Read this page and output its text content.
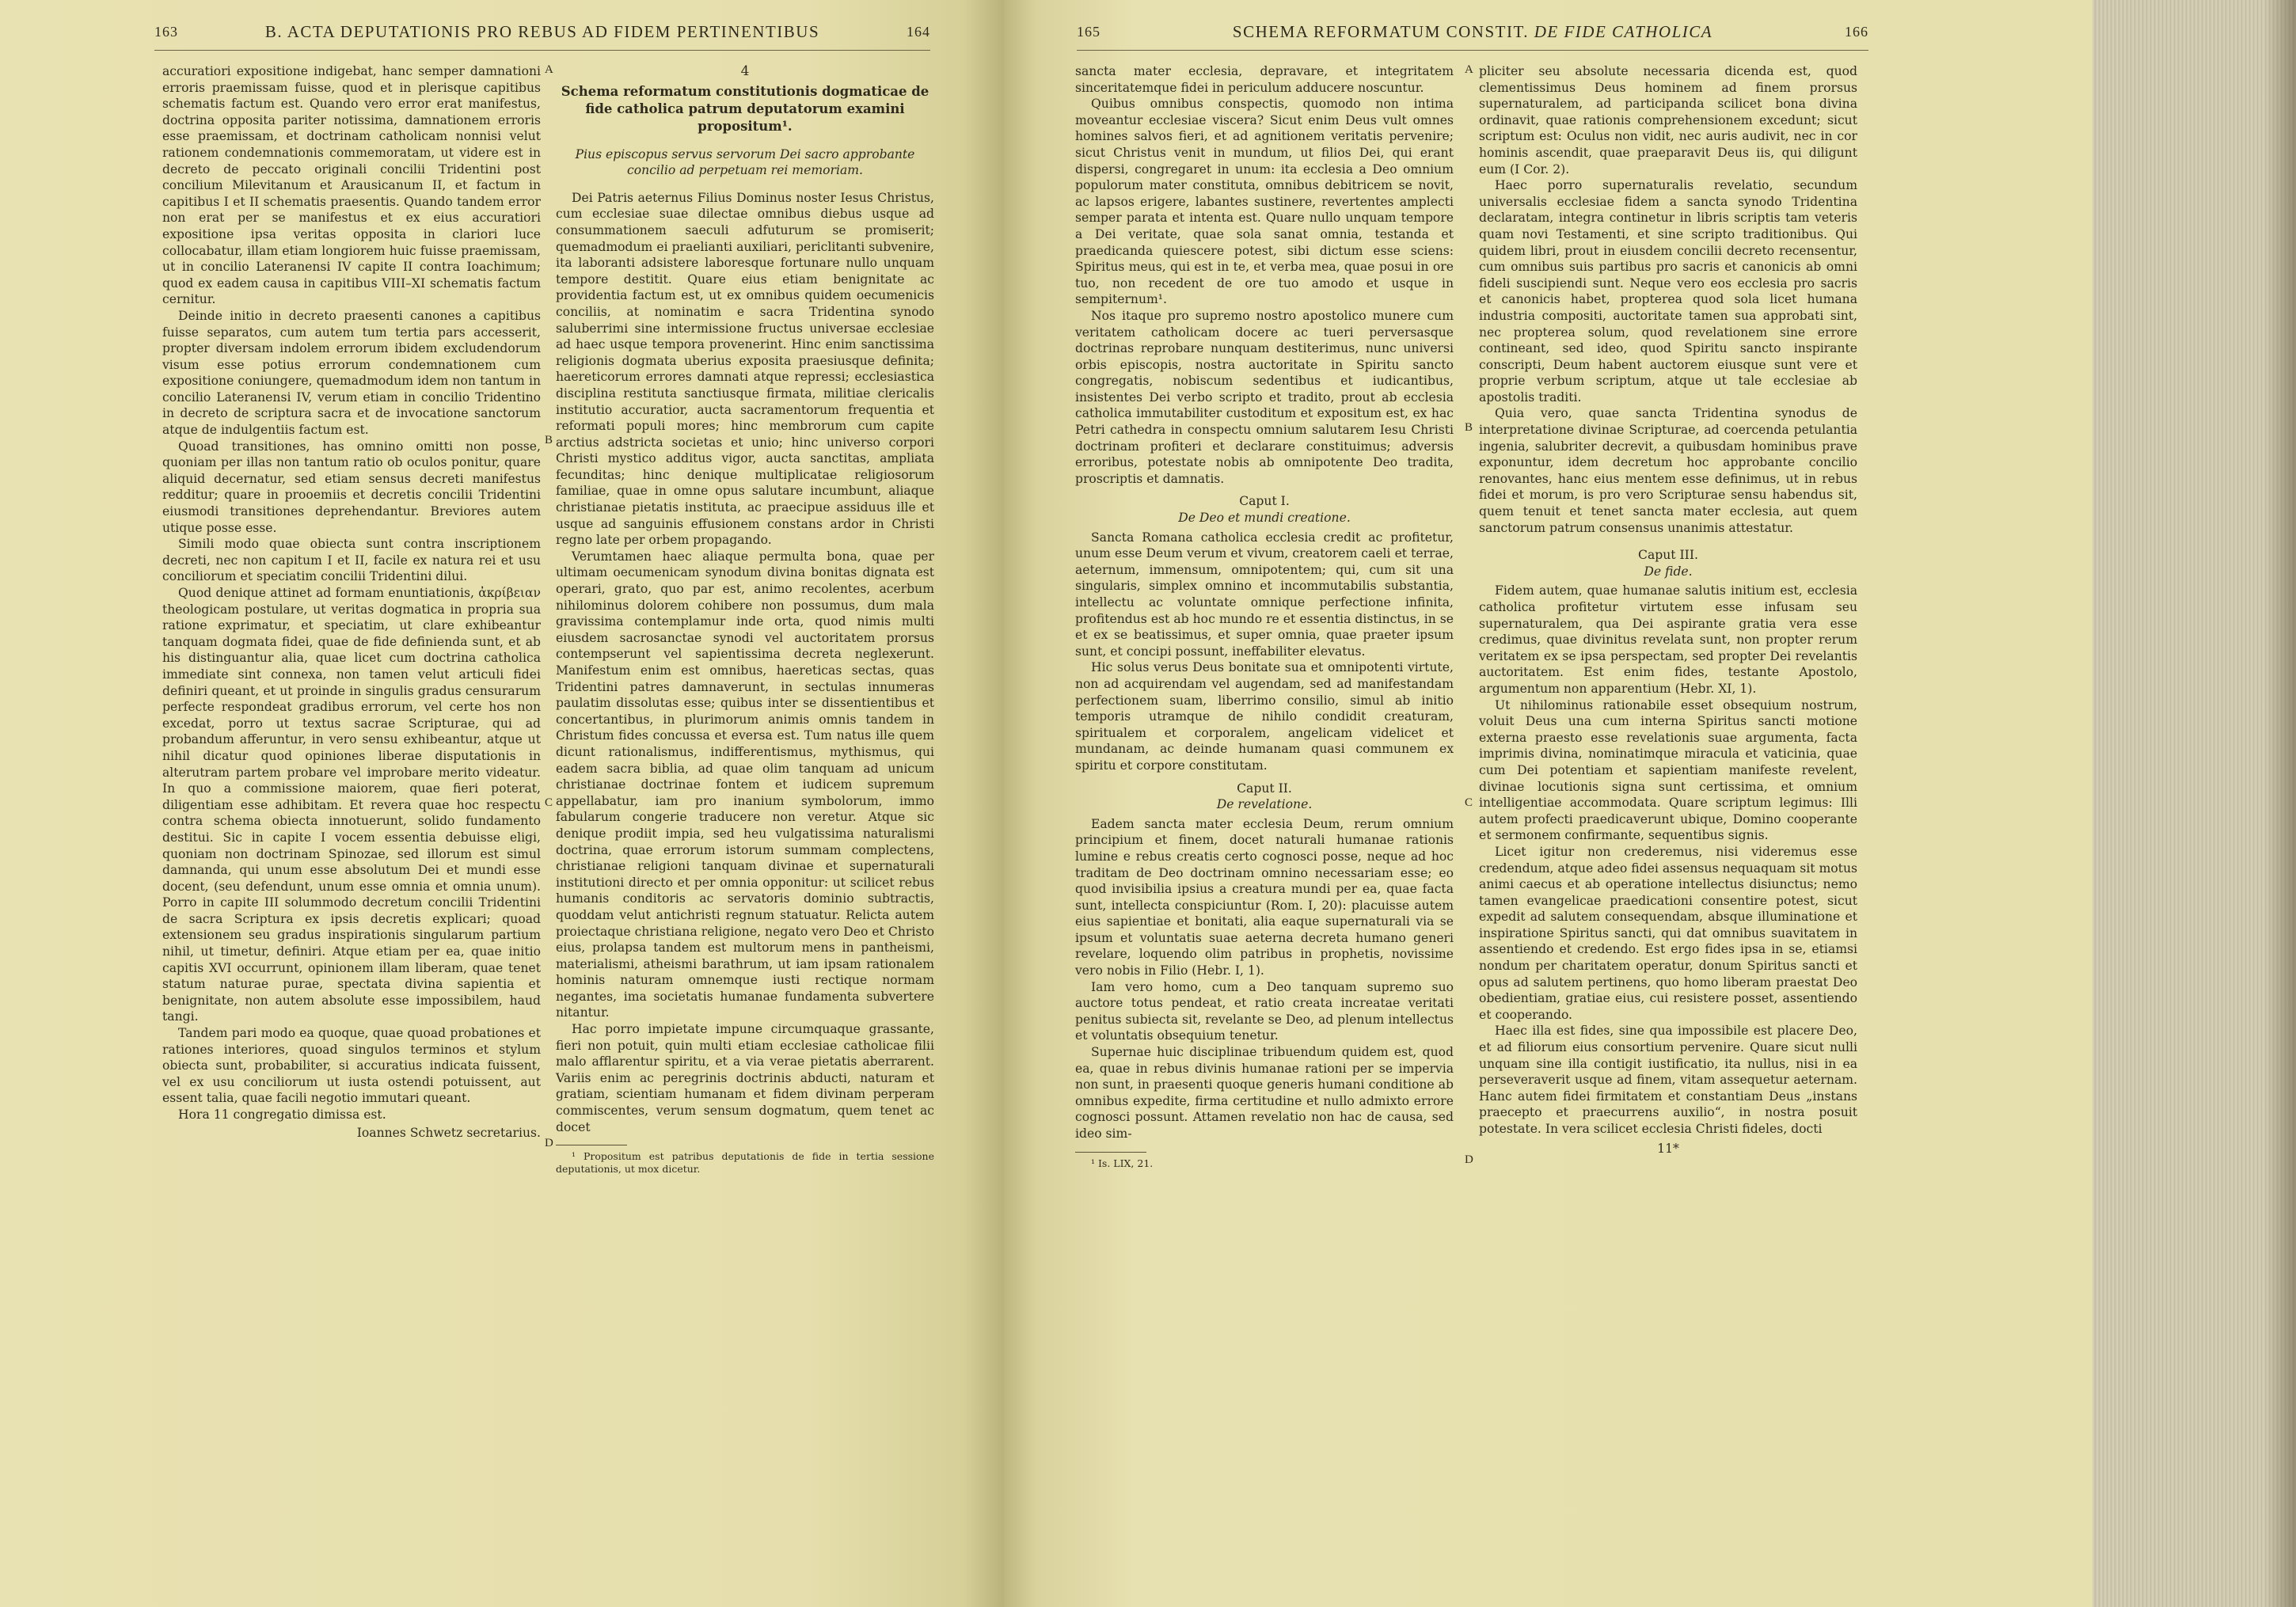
163	B. ACTA DEPUTATIONIS PRO REBUS AD FIDEM PERTINENTIBUS	164

accuratiori expositione indigebat, hanc semper damnationi erroris praemissam fuisse, quod et in plerisque capitibus schematis factum est. Quando vero error erat manifestus, doctrina opposita pariter notissima, damnationem erroris esse praemissam, et doctrinam catholicam nonnisi velut rationem condemnationis commemoratam, ut videre est in decreto de peccato originali concilii Tridentini post concilium Milevitanum et Arausicanum II, et factum in capitibus I et II schematis praesentis. Quando tandem error non erat per se manifestus et ex eius accuratiori expositione ipsa veritas opposita in clariori luce collocabatur, illam etiam longiorem huic fuisse praemissam, ut in concilio Lateranensi IV capite II contra Ioachimum; quod ex eadem causa in capitibus VIII–XI schematis factum cernitur.

Deinde initio in decreto praesenti canones a capitibus fuisse separatos, cum autem tum tertia pars accesserit, propter diversam indolem errorum ibidem excludendorum visum esse potius errorum condemnationem cum expositione coniungere, quemadmodum idem non tantum in concilio Lateranensi IV, verum etiam in concilio Tridentino in decreto de scriptura sacra et de invocatione sanctorum atque de indulgentiis factum est.

Quoad transitiones, has omnino omitti non posse, quoniam per illas non tantum ratio ob oculos ponitur, quare aliquid decernatur, sed etiam sensus decreti manifestus redditur; quare in prooemiis et decretis concilii Tridentini eiusmodi transitiones deprehendantur. Breviores autem utique posse esse.

Simili modo quae obiecta sunt contra inscriptionem decreti, nec non capitum I et II, facile ex natura rei et usu conciliorum et speciatim concilii Tridentini dilui.

Quod denique attinet ad formam enuntiationis, ἀκρίβειαν theologicam postulare, ut veritas dogmatica in propria sua ratione exprimatur, et speciatim, ut clare exhibeantur tanquam dogmata fidei, quae de fide definienda sunt, et ab his distinguantur alia, quae licet cum doctrina catholica immediate sint connexa, non tamen velut articuli fidei definiri queant, et ut proinde in singulis gradus censurarum perfecte respondeat gradibus errorum, vel certe hos non excedat, porro ut textus sacrae Scripturae, qui ad probandum afferuntur, in vero sensu exhibeantur, atque ut nihil dicatur quod opiniones liberae disputationis in alterutram partem probare vel improbare merito videatur. In quo a commissione maiorem, quae fieri poterat, diligentiam esse adhibitam. Et revera quae hoc respectu contra schema obiecta innotuerunt, solido fundamento destitui. Sic in capite I vocem essentia debuisse eligi, quoniam non doctrinam Spinozae, sed illorum est simul damnanda, qui unum esse absolutum Dei et mundi esse docent, (seu defendunt, unum esse omnia et omnia unum). Porro in capite III solummodo decretum concilii Tridentini de sacra Scriptura ex ipsis decretis explicari; quoad extensionem seu gradus inspirationis singularum partium nihil, ut timetur, definiri. Atque etiam per ea, quae initio capitis XVI occurrunt, opinionem illam liberam, quae tenet statum naturae purae, spectata divina sapientia et benignitate, non autem absolute esse impossibilem, haud tangi.

Tandem pari modo ea quoque, quae quoad probationes et rationes interiores, quoad singulos terminos et stylum obiecta sunt, probabiliter, si accuratius indicata fuissent, vel ex usu conciliorum ut iusta ostendi potuissent, aut essent talia, quae facili negotio immutari queant.

Hora 11 congregatio dimissa est.

Ioannes Schwetz secretarius.

A
B
C
D
4
Schema reformatum constitutionis dogmaticae de fide catholica patrum deputatorum examini propositum¹.
Pius episcopus servus servorum Dei sacro approbante concilio ad perpetuam rei memoriam.

Dei Patris aeternus Filius Dominus noster Iesus Christus, cum ecclesiae suae dilectae omnibus diebus usque ad consummationem saeculi adfuturum se promiserit; quemadmodum ei praelianti auxiliari, periclitanti subvenire, ita laboranti adsistere laboresque fortunare nullo unquam tempore destitit. Quare eius etiam benignitate ac providentia factum est, ut ex omnibus quidem oecumenicis conciliis, at nominatim e sacra Tridentina synodo saluberrimi sine intermissione fructus universae ecclesiae ad haec usque tempora provenerint. Hinc enim sanctissima religionis dogmata uberius exposita praesiusque definita; haereticorum errores damnati atque repressi; ecclesiastica disciplina restituta sanctiusque firmata, militiae clericalis institutio accuratior, aucta sacramentorum frequentia et reformati populi mores; hinc membrorum cum capite arctius adstricta societas et unio; hinc universo corpori Christi mystico additus vigor, aucta sanctitas, ampliata fecunditas; hinc denique multiplicatae religiosorum familiae, quae in omne opus salutare incumbunt, aliaque christianae pietatis instituta, ac praecipue assiduus ille et usque ad sanguinis effusionem constans ardor in Christi regno late per orbem propagando.

Verumtamen haec aliaque permulta bona, quae per ultimam oecumenicam synodum divina bonitas dignata est operari, grato, quo par est, animo recolentes, acerbum nihilominus dolorem cohibere non possumus, dum mala gravissima contemplamur inde orta, quod nimis multi eiusdem sacrosanctae synodi vel auctoritatem prorsus contempserunt vel sapientissima decreta neglexerunt. Manifestum enim est omnibus, haereticas sectas, quas Tridentini patres damnaverunt, in sectulas innumeras paulatim dissolutas esse; quibus inter se dissentientibus et concertantibus, in plurimorum animis omnis tandem in Christum fides concussa et eversa est. Tum natus ille quem dicunt rationalismus, indifferentismus, mythismus, qui eadem sacra biblia, ad quae olim tanquam ad unicum christianae doctrinae fontem et iudicem supremum appellabatur, iam pro inanium symbolorum, immo fabularum congerie traducere non veretur. Atque sic denique prodiit impia, sed heu vulgatissima naturalismi doctrina, quae errorum istorum summam complectens, christianae religioni tanquam divinae et supernaturali institutioni directo et per omnia opponitur: ut scilicet rebus humanis conditoris ac servatoris dominio subtractis, quoddam velut antichristi regnum statuatur. Relicta autem proiectaque christiana religione, negato vero Deo et Christo eius, prolapsa tandem est multorum mens in pantheismi, materialismi, atheismi barathrum, ut iam ipsam rationalem hominis naturam omnemque iusti rectique normam negantes, ima societatis humanae fundamenta subvertere nitantur.

Hac porro impietate impune circumquaque grassante, fieri non potuit, quin multi etiam ecclesiae catholicae filii malo afflarentur spiritu, et a via verae pietatis aberrarent. Variis enim ac peregrinis doctrinis abducti, naturam et gratiam, scientiam humanam et fidem divinam perperam commiscentes, verum sensum dogmatum, quem tenet ac docet

¹ Propositum est patribus deputationis de fide in tertia sessione deputationis, ut mox dicetur.

165	SCHEMA REFORMATUM CONSTIT. DE FIDE CATHOLICA	166

sancta mater ecclesia, depravare, et integritatem sinceritatemque fidei in periculum adducere noscuntur.

Quibus omnibus conspectis, quomodo non intima moveantur ecclesiae viscera? Sicut enim Deus vult omnes homines salvos fieri, et ad agnitionem veritatis pervenire; sicut Christus venit in mundum, ut filios Dei, qui erant dispersi, congregaret in unum: ita ecclesia a Deo omnium populorum mater constituta, omnibus debitricem se novit, ac lapsos erigere, labantes sustinere, revertentes amplecti semper parata et intenta est. Quare nullo unquam tempore a Dei veritate, quae sola sanat omnia, testanda et praedicanda quiescere potest, sibi dictum esse sciens: Spiritus meus, qui est in te, et verba mea, quae posui in ore tuo, non recedent de ore tuo amodo et usque in sempiternum¹.

Nos itaque pro supremo nostro apostolico munere cum veritatem catholicam docere ac tueri perversasque doctrinas reprobare nunquam destiterimus, nunc universi orbis episcopis, nostra auctoritate in Spiritu sancto congregatis, nobiscum sedentibus et iudicantibus, insistentes Dei verbo scripto et tradito, prout ab ecclesia catholica immutabiliter custoditum et expositum est, ex hac Petri cathedra in conspectu omnium salutarem Iesu Christi doctrinam profiteri et declarare constituimus; adversis erroribus, potestate nobis ab omnipotente Deo tradita, proscriptis et damnatis.

Caput I.
De Deo et mundi creatione.

Sancta Romana catholica ecclesia credit ac profitetur, unum esse Deum verum et vivum, creatorem caeli et terrae, aeternum, immensum, omnipotentem; qui, cum sit una singularis, simplex omnino et incommutabilis substantia, intellectu ac voluntate omnique perfectione infinita, profitendus est ab hoc mundo re et essentia distinctus, in se et ex se beatissimus, et super omnia, quae praeter ipsum sunt, et concipi possunt, ineffabiliter elevatus.

Hic solus verus Deus bonitate sua et omnipotenti virtute, non ad acquirendam vel augendam, sed ad manifestandam perfectionem suam, liberrimo consilio, simul ab initio temporis utramque de nihilo condidit creaturam, spiritualem et corporalem, angelicam videlicet et mundanam, ac deinde humanam quasi communem ex spiritu et corpore constitutam.

Caput II.
De revelatione.

Eadem sancta mater ecclesia Deum, rerum omnium principium et finem, docet naturali humanae rationis lumine e rebus creatis certo cognosci posse, neque ad hoc traditam de Deo doctrinam omnino necessariam esse; eo quod invisibilia ipsius a creatura mundi per ea, quae facta sunt, intellecta conspiciuntur (Rom. I, 20): placuisse autem eius sapientiae et bonitati, alia eaque supernaturali via se ipsum et voluntatis suae aeterna decreta humano generi revelare, loquendo olim patribus in prophetis, novissime vero nobis in Filio (Hebr. I, 1).

Iam vero homo, cum a Deo tanquam supremo suo auctore totus pendeat, et ratio creata increatae veritati penitus subiecta sit, revelante se Deo, ad plenum intellectus et voluntatis obsequium tenetur.

Supernae huic disciplinae tribuendum quidem est, quod ea, quae in rebus divinis humanae rationi per se impervia non sunt, in praesenti quoque generis humani conditione ab omnibus expedite, firma certitudine et nullo admixto errore cognosci possunt. Attamen revelatio non hac de causa, sed ideo sim-

¹ Is. LIX, 21.

A
B
C
D

pliciter seu absolute necessaria dicenda est, quod clementissimus Deus hominem ad finem prorsus supernaturalem, ad participanda scilicet bona divina ordinavit, quae rationis comprehensionem excedunt; sicut scriptum est: Oculus non vidit, nec auris audivit, nec in cor hominis ascendit, quae praeparavit Deus iis, qui diligunt eum (I Cor. 2).

Haec porro supernaturalis revelatio, secundum universalis ecclesiae fidem a sancta synodo Tridentina declaratam, integra continetur in libris scriptis tam veteris quam novi Testamenti, et sine scripto traditionibus. Qui quidem libri, prout in eiusdem concilii decreto recensentur, cum omnibus suis partibus pro sacris et canonicis ab omni fideli suscipiendi sunt. Neque vero eos ecclesia pro sacris et canonicis habet, propterea quod sola licet humana industria compositi, auctoritate tamen sua approbati sint, nec propterea solum, quod revelationem sine errore contineant, sed ideo, quod Spiritu sancto inspirante conscripti, Deum habent auctorem eiusque sunt vere et proprie verbum scriptum, atque ut tale ecclesiae ab apostolis traditi.

Quia vero, quae sancta Tridentina synodus de interpretatione divinae Scripturae, ad coercenda petulantia ingenia, salubriter decrevit, a quibusdam hominibus prave exponuntur, idem decretum hoc approbante concilio renovantes, hanc eius mentem esse definimus, ut in rebus fidei et morum, is pro vero Scripturae sensu habendus sit, quem tenuit et tenet sancta mater ecclesia, aut quem sanctorum patrum consensus unanimis attestatur.

Caput III.
De fide.

Fidem autem, quae humanae salutis initium est, ecclesia catholica profitetur virtutem esse infusam seu supernaturalem, qua Dei aspirante gratia vera esse credimus, quae divinitus revelata sunt, non propter rerum veritatem ex se ipsa perspectam, sed propter Dei revelantis auctoritatem. Est enim fides, testante Apostolo, argumentum non apparentium (Hebr. XI, 1).

Ut nihilominus rationabile esset obsequium nostrum, voluit Deus una cum interna Spiritus sancti motione externa praesto esse revelationis suae argumenta, facta imprimis divina, nominatimque miracula et vaticinia, quae cum Dei potentiam et sapientiam manifeste revelent, divinae locutionis signa sunt certissima, et omnium intelligentiae accommodata. Quare scriptum legimus: Illi autem profecti praedicaverunt ubique, Domino cooperante et sermonem confirmante, sequentibus signis.

Licet igitur non crederemus, nisi videremus esse credendum, atque adeo fidei assensus nequaquam sit motus animi caecus et ab operatione intellectus disiunctus; nemo tamen evangelicae praedicationi consentire potest, sicut expedit ad salutem consequendam, absque illuminatione et inspiratione Spiritus sancti, qui dat omnibus suavitatem in assentiendo et credendo. Est ergo fides ipsa in se, etiamsi nondum per charitatem operatur, donum Spiritus sancti et opus ad salutem pertinens, quo homo liberam praestat Deo obedientiam, gratiae eius, cui resistere posset, assentiendo et cooperando.

Haec illa est fides, sine qua impossibile est placere Deo, et ad filiorum eius consortium pervenire. Quare sicut nulli unquam sine illa contigit iustificatio, ita nullus, nisi in ea perseveraverit usque ad finem, vitam assequetur aeternam. Hanc autem fidei firmitatem et constantiam Deus „instans praecepto et praecurrens auxilio“, in nostra posuit potestate. In vera scilicet ecclesia Christi fideles, docti

11*
